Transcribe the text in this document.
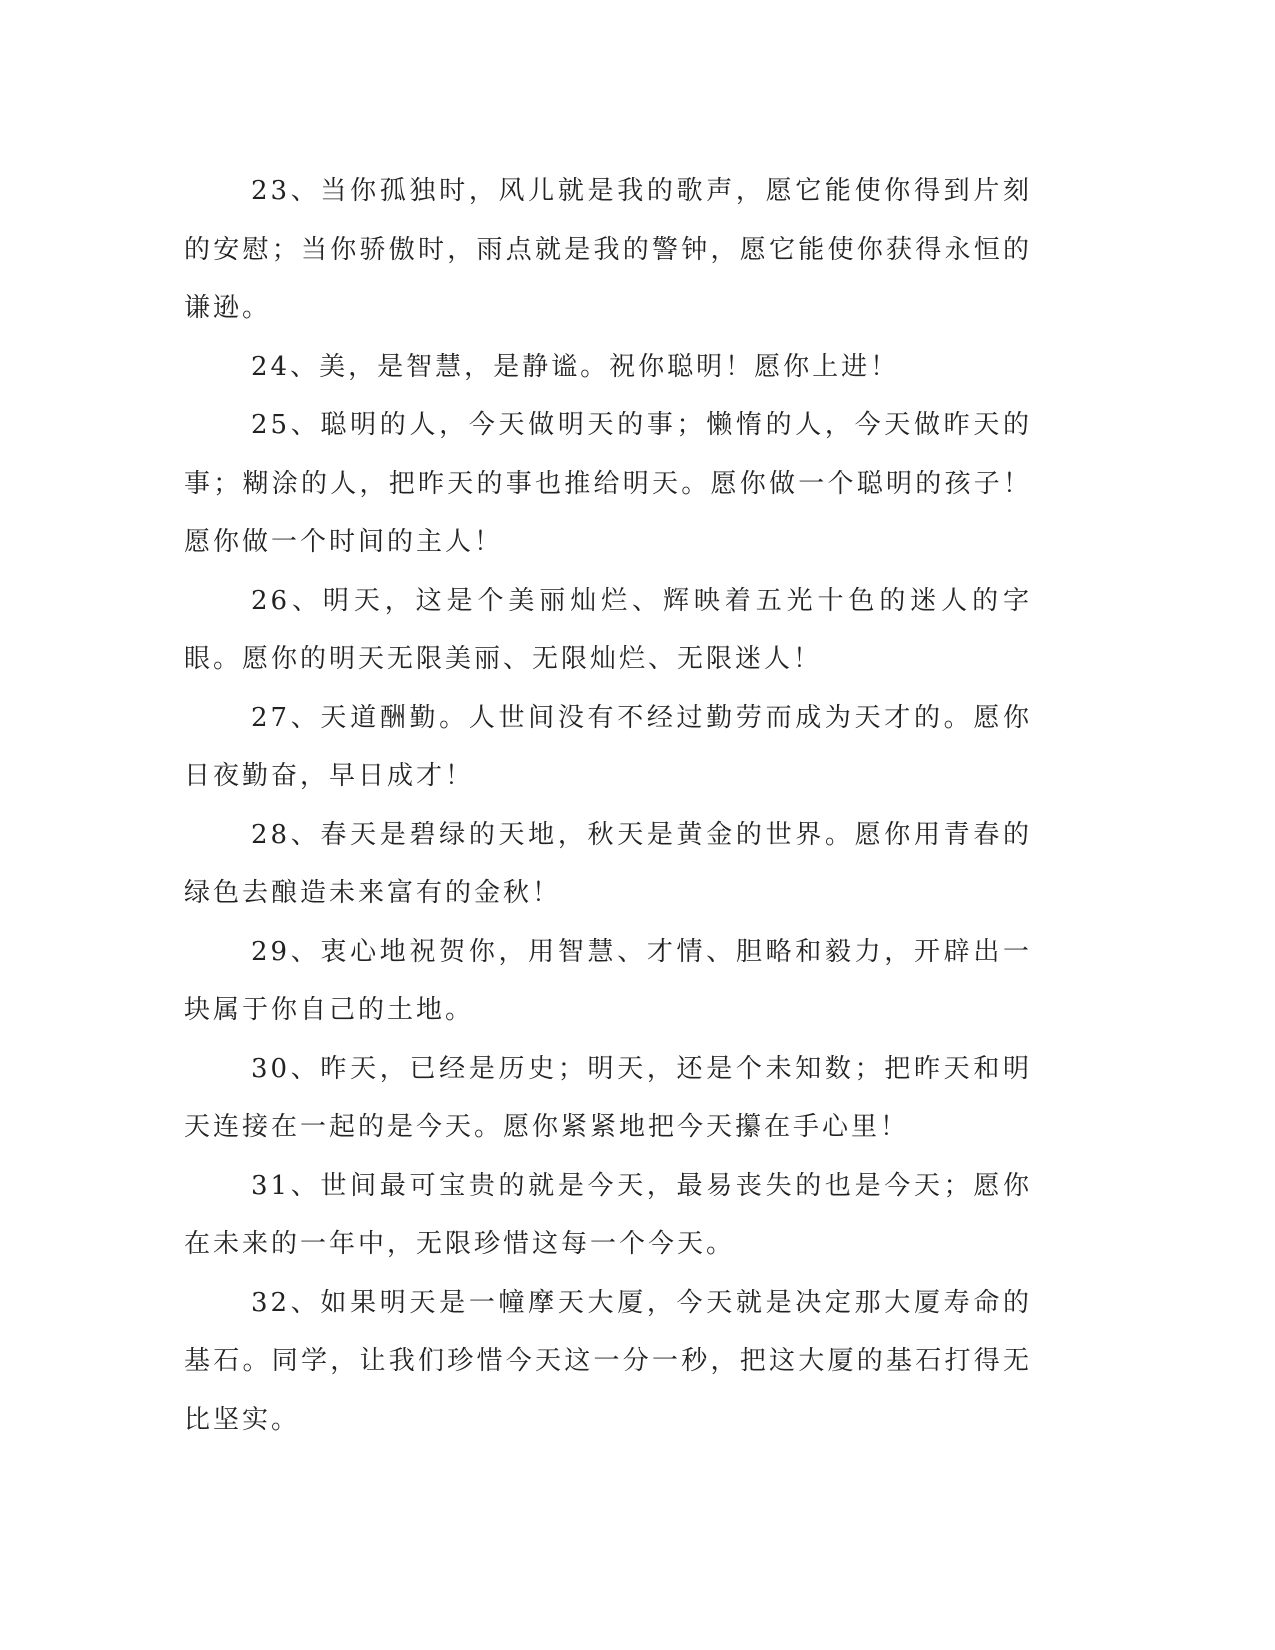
23、当你孤独时，风儿就是我的歌声，愿它能使你得到片刻的安慰；当你骄傲时，雨点就是我的警钟，愿它能使你获得永恒的谦逊。

24、美，是智慧，是静谧。祝你聪明！愿你上进！

25、聪明的人，今天做明天的事；懒惰的人，今天做昨天的事；糊涂的人，把昨天的事也推给明天。愿你做一个聪明的孩子！愿你做一个时间的主人！

26、明天，这是个美丽灿烂、辉映着五光十色的迷人的字眼。愿你的明天无限美丽、无限灿烂、无限迷人！

27、天道酬勤。人世间没有不经过勤劳而成为天才的。愿你日夜勤奋，早日成才！

28、春天是碧绿的天地，秋天是黄金的世界。愿你用青春的绿色去酿造未来富有的金秋！

29、衷心地祝贺你，用智慧、才情、胆略和毅力，开辟出一块属于你自己的土地。

30、昨天，已经是历史；明天，还是个未知数；把昨天和明天连接在一起的是今天。愿你紧紧地把今天攥在手心里！

31、世间最可宝贵的就是今天，最易丧失的也是今天；愿你在未来的一年中，无限珍惜这每一个今天。

32、如果明天是一幢摩天大厦，今天就是决定那大厦寿命的基石。同学，让我们珍惜今天这一分一秒，把这大厦的基石打得无比坚实。
